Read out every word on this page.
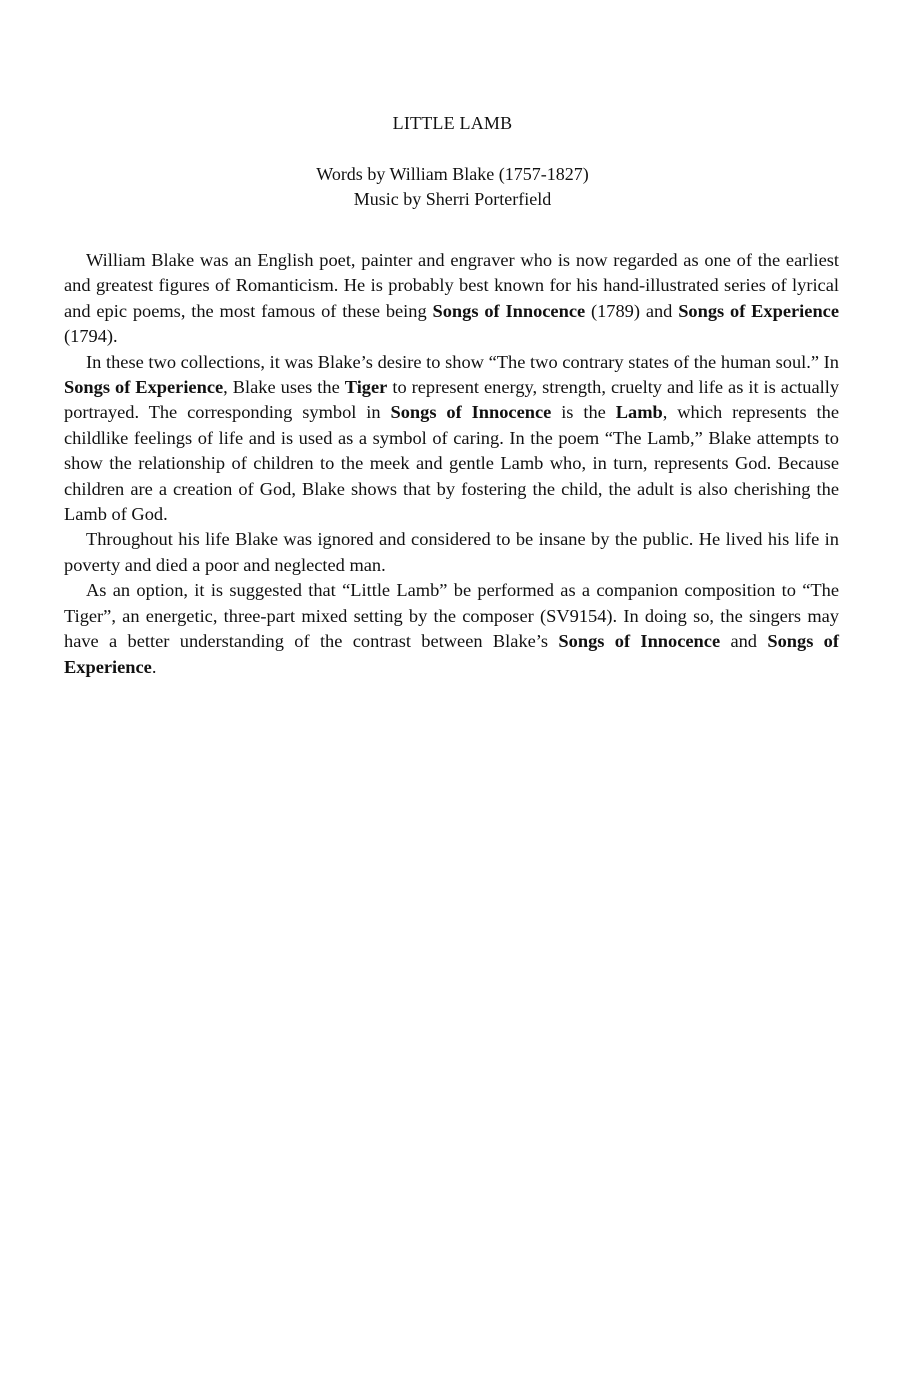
LITTLE LAMB
Words by William Blake (1757-1827)
Music by Sherri Porterfield

William Blake was an English poet, painter and engraver who is now regarded as one of the earliest and greatest figures of Romanticism. He is probably best known for his hand-illustrated series of lyrical and epic poems, the most famous of these being Songs of Innocence (1789) and Songs of Experience (1794).

In these two collections, it was Blake’s desire to show “The two contrary states of the human soul.” In Songs of Experience, Blake uses the Tiger to represent energy, strength, cruelty and life as it is actually portrayed. The corresponding symbol in Songs of Innocence is the Lamb, which represents the childlike feelings of life and is used as a symbol of caring. In the poem “The Lamb,” Blake attempts to show the relationship of children to the meek and gentle Lamb who, in turn, represents God. Because children are a creation of God, Blake shows that by fostering the child, the adult is also cherishing the Lamb of God.

Throughout his life Blake was ignored and considered to be insane by the public. He lived his life in poverty and died a poor and neglected man.

As an option, it is suggested that “Little Lamb” be performed as a companion composition to “The Tiger”, an energetic, three-part mixed setting by the composer (SV9154). In doing so, the singers may have a better understanding of the contrast between Blake’s Songs of Innocence and Songs of Experience.
